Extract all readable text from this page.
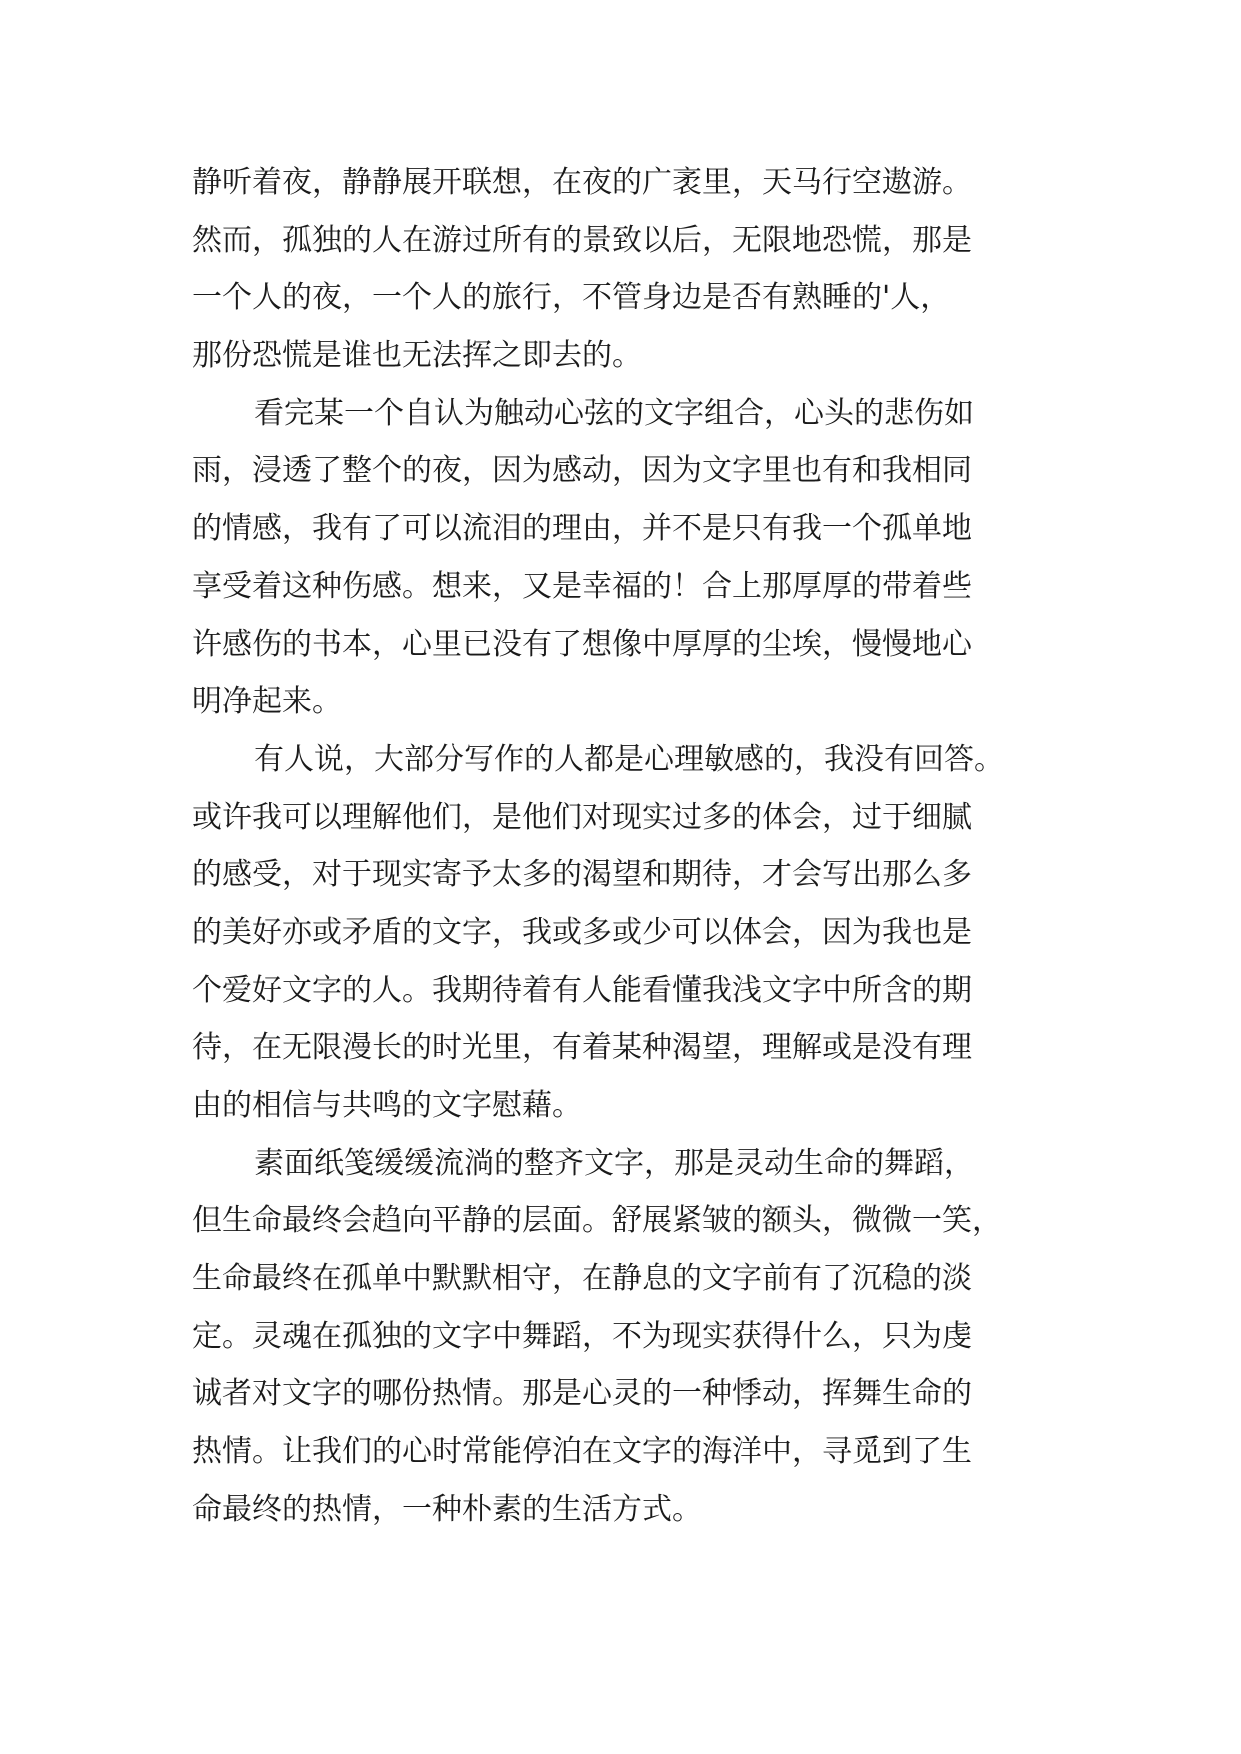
静听着夜，静静展开联想，在夜的广袤里，天马行空遨游。
然而，孤独的人在游过所有的景致以后，无限地恐慌，那是
一个人的夜，一个人的旅行，不管身边是否有熟睡的'人，
那份恐慌是谁也无法挥之即去的。
看完某一个自认为触动心弦的文字组合，心头的悲伤如
雨，浸透了整个的夜，因为感动，因为文字里也有和我相同
的情感，我有了可以流泪的理由，并不是只有我一个孤单地
享受着这种伤感。想来，又是幸福的！合上那厚厚的带着些
许感伤的书本，心里已没有了想像中厚厚的尘埃，慢慢地心
明净起来。
有人说，大部分写作的人都是心理敏感的，我没有回答。
或许我可以理解他们，是他们对现实过多的体会，过于细腻
的感受，对于现实寄予太多的渴望和期待，才会写出那么多
的美好亦或矛盾的文字，我或多或少可以体会，因为我也是
个爱好文字的人。我期待着有人能看懂我浅文字中所含的期
待，在无限漫长的时光里，有着某种渴望，理解或是没有理
由的相信与共鸣的文字慰藉。
素面纸笺缓缓流淌的整齐文字，那是灵动生命的舞蹈，
但生命最终会趋向平静的层面。舒展紧皱的额头，微微一笑，
生命最终在孤单中默默相守，在静息的文字前有了沉稳的淡
定。灵魂在孤独的文字中舞蹈，不为现实获得什么，只为虔
诚者对文字的哪份热情。那是心灵的一种悸动，挥舞生命的
热情。让我们的心时常能停泊在文字的海洋中，寻觅到了生
命最终的热情，一种朴素的生活方式。
